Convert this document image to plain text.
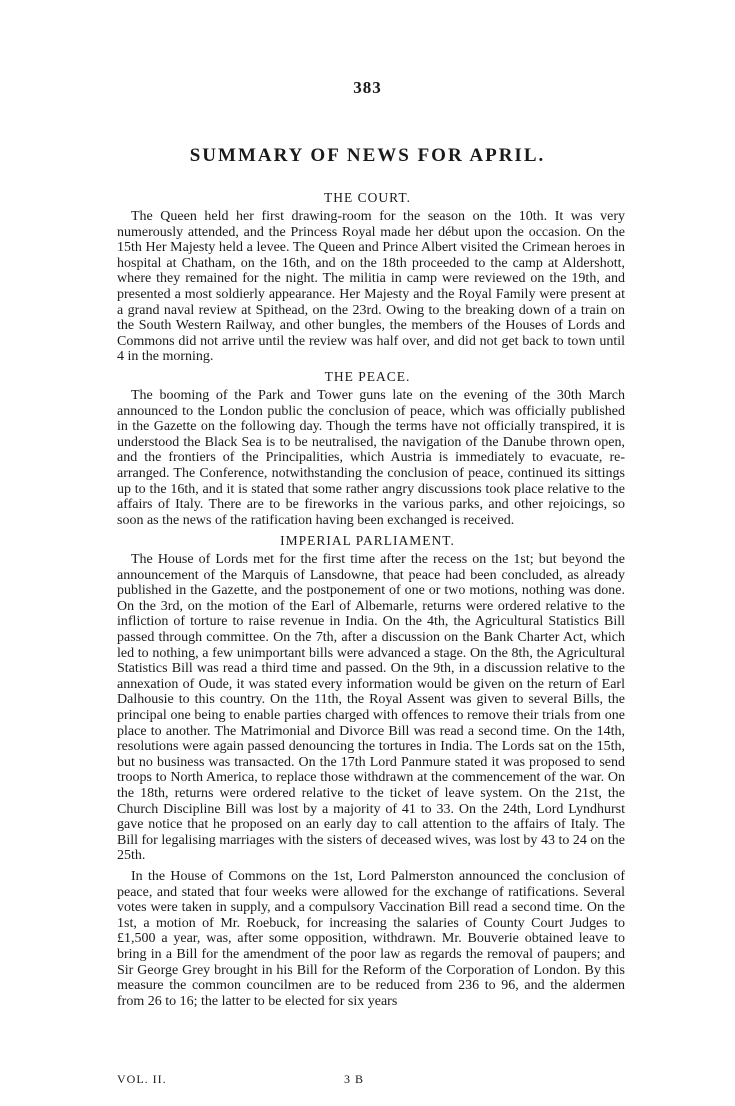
383
SUMMARY OF NEWS FOR APRIL.
THE COURT.
The Queen held her first drawing-room for the season on the 10th. It was very numerously attended, and the Princess Royal made her début upon the occasion. On the 15th Her Majesty held a levee. The Queen and Prince Albert visited the Crimean heroes in hospital at Chatham, on the 16th, and on the 18th proceeded to the camp at Aldershott, where they remained for the night. The militia in camp were reviewed on the 19th, and presented a most soldierly appearance. Her Majesty and the Royal Family were present at a grand naval review at Spithead, on the 23rd. Owing to the breaking down of a train on the South Western Railway, and other bungles, the members of the Houses of Lords and Commons did not arrive until the review was half over, and did not get back to town until 4 in the morning.
THE PEACE.
The booming of the Park and Tower guns late on the evening of the 30th March announced to the London public the conclusion of peace, which was officially published in the Gazette on the following day. Though the terms have not officially transpired, it is understood the Black Sea is to be neutralised, the navigation of the Danube thrown open, and the frontiers of the Principalities, which Austria is immediately to evacuate, re-arranged. The Conference, notwithstanding the conclusion of peace, continued its sittings up to the 16th, and it is stated that some rather angry discussions took place relative to the affairs of Italy. There are to be fireworks in the various parks, and other rejoicings, so soon as the news of the ratification having been exchanged is received.
IMPERIAL PARLIAMENT.
The House of Lords met for the first time after the recess on the 1st; but beyond the announcement of the Marquis of Lansdowne, that peace had been concluded, as already published in the Gazette, and the postponement of one or two motions, nothing was done. On the 3rd, on the motion of the Earl of Albemarle, returns were ordered relative to the infliction of torture to raise revenue in India. On the 4th, the Agricultural Statistics Bill passed through committee. On the 7th, after a discussion on the Bank Charter Act, which led to nothing, a few unimportant bills were advanced a stage. On the 8th, the Agricultural Statistics Bill was read a third time and passed. On the 9th, in a discussion relative to the annexation of Oude, it was stated every information would be given on the return of Earl Dalhousie to this country. On the 11th, the Royal Assent was given to several Bills, the principal one being to enable parties charged with offences to remove their trials from one place to another. The Matrimonial and Divorce Bill was read a second time. On the 14th, resolutions were again passed denouncing the tortures in India. The Lords sat on the 15th, but no business was transacted. On the 17th Lord Panmure stated it was proposed to send troops to North America, to replace those withdrawn at the commencement of the war. On the 18th, returns were ordered relative to the ticket of leave system. On the 21st, the Church Discipline Bill was lost by a majority of 41 to 33. On the 24th, Lord Lyndhurst gave notice that he proposed on an early day to call attention to the affairs of Italy. The Bill for legalising marriages with the sisters of deceased wives, was lost by 43 to 24 on the 25th.
In the House of Commons on the 1st, Lord Palmerston announced the conclusion of peace, and stated that four weeks were allowed for the exchange of ratifications. Several votes were taken in supply, and a compulsory Vaccination Bill read a second time. On the 1st, a motion of Mr. Roebuck, for increasing the salaries of County Court Judges to £1,500 a year, was, after some opposition, withdrawn. Mr. Bouverie obtained leave to bring in a Bill for the amendment of the poor law as regards the removal of paupers; and Sir George Grey brought in his Bill for the Reform of the Corporation of London. By this measure the common councilmen are to be reduced from 236 to 96, and the aldermen from 26 to 16; the latter to be elected for six years
VOL. II.	3 B
